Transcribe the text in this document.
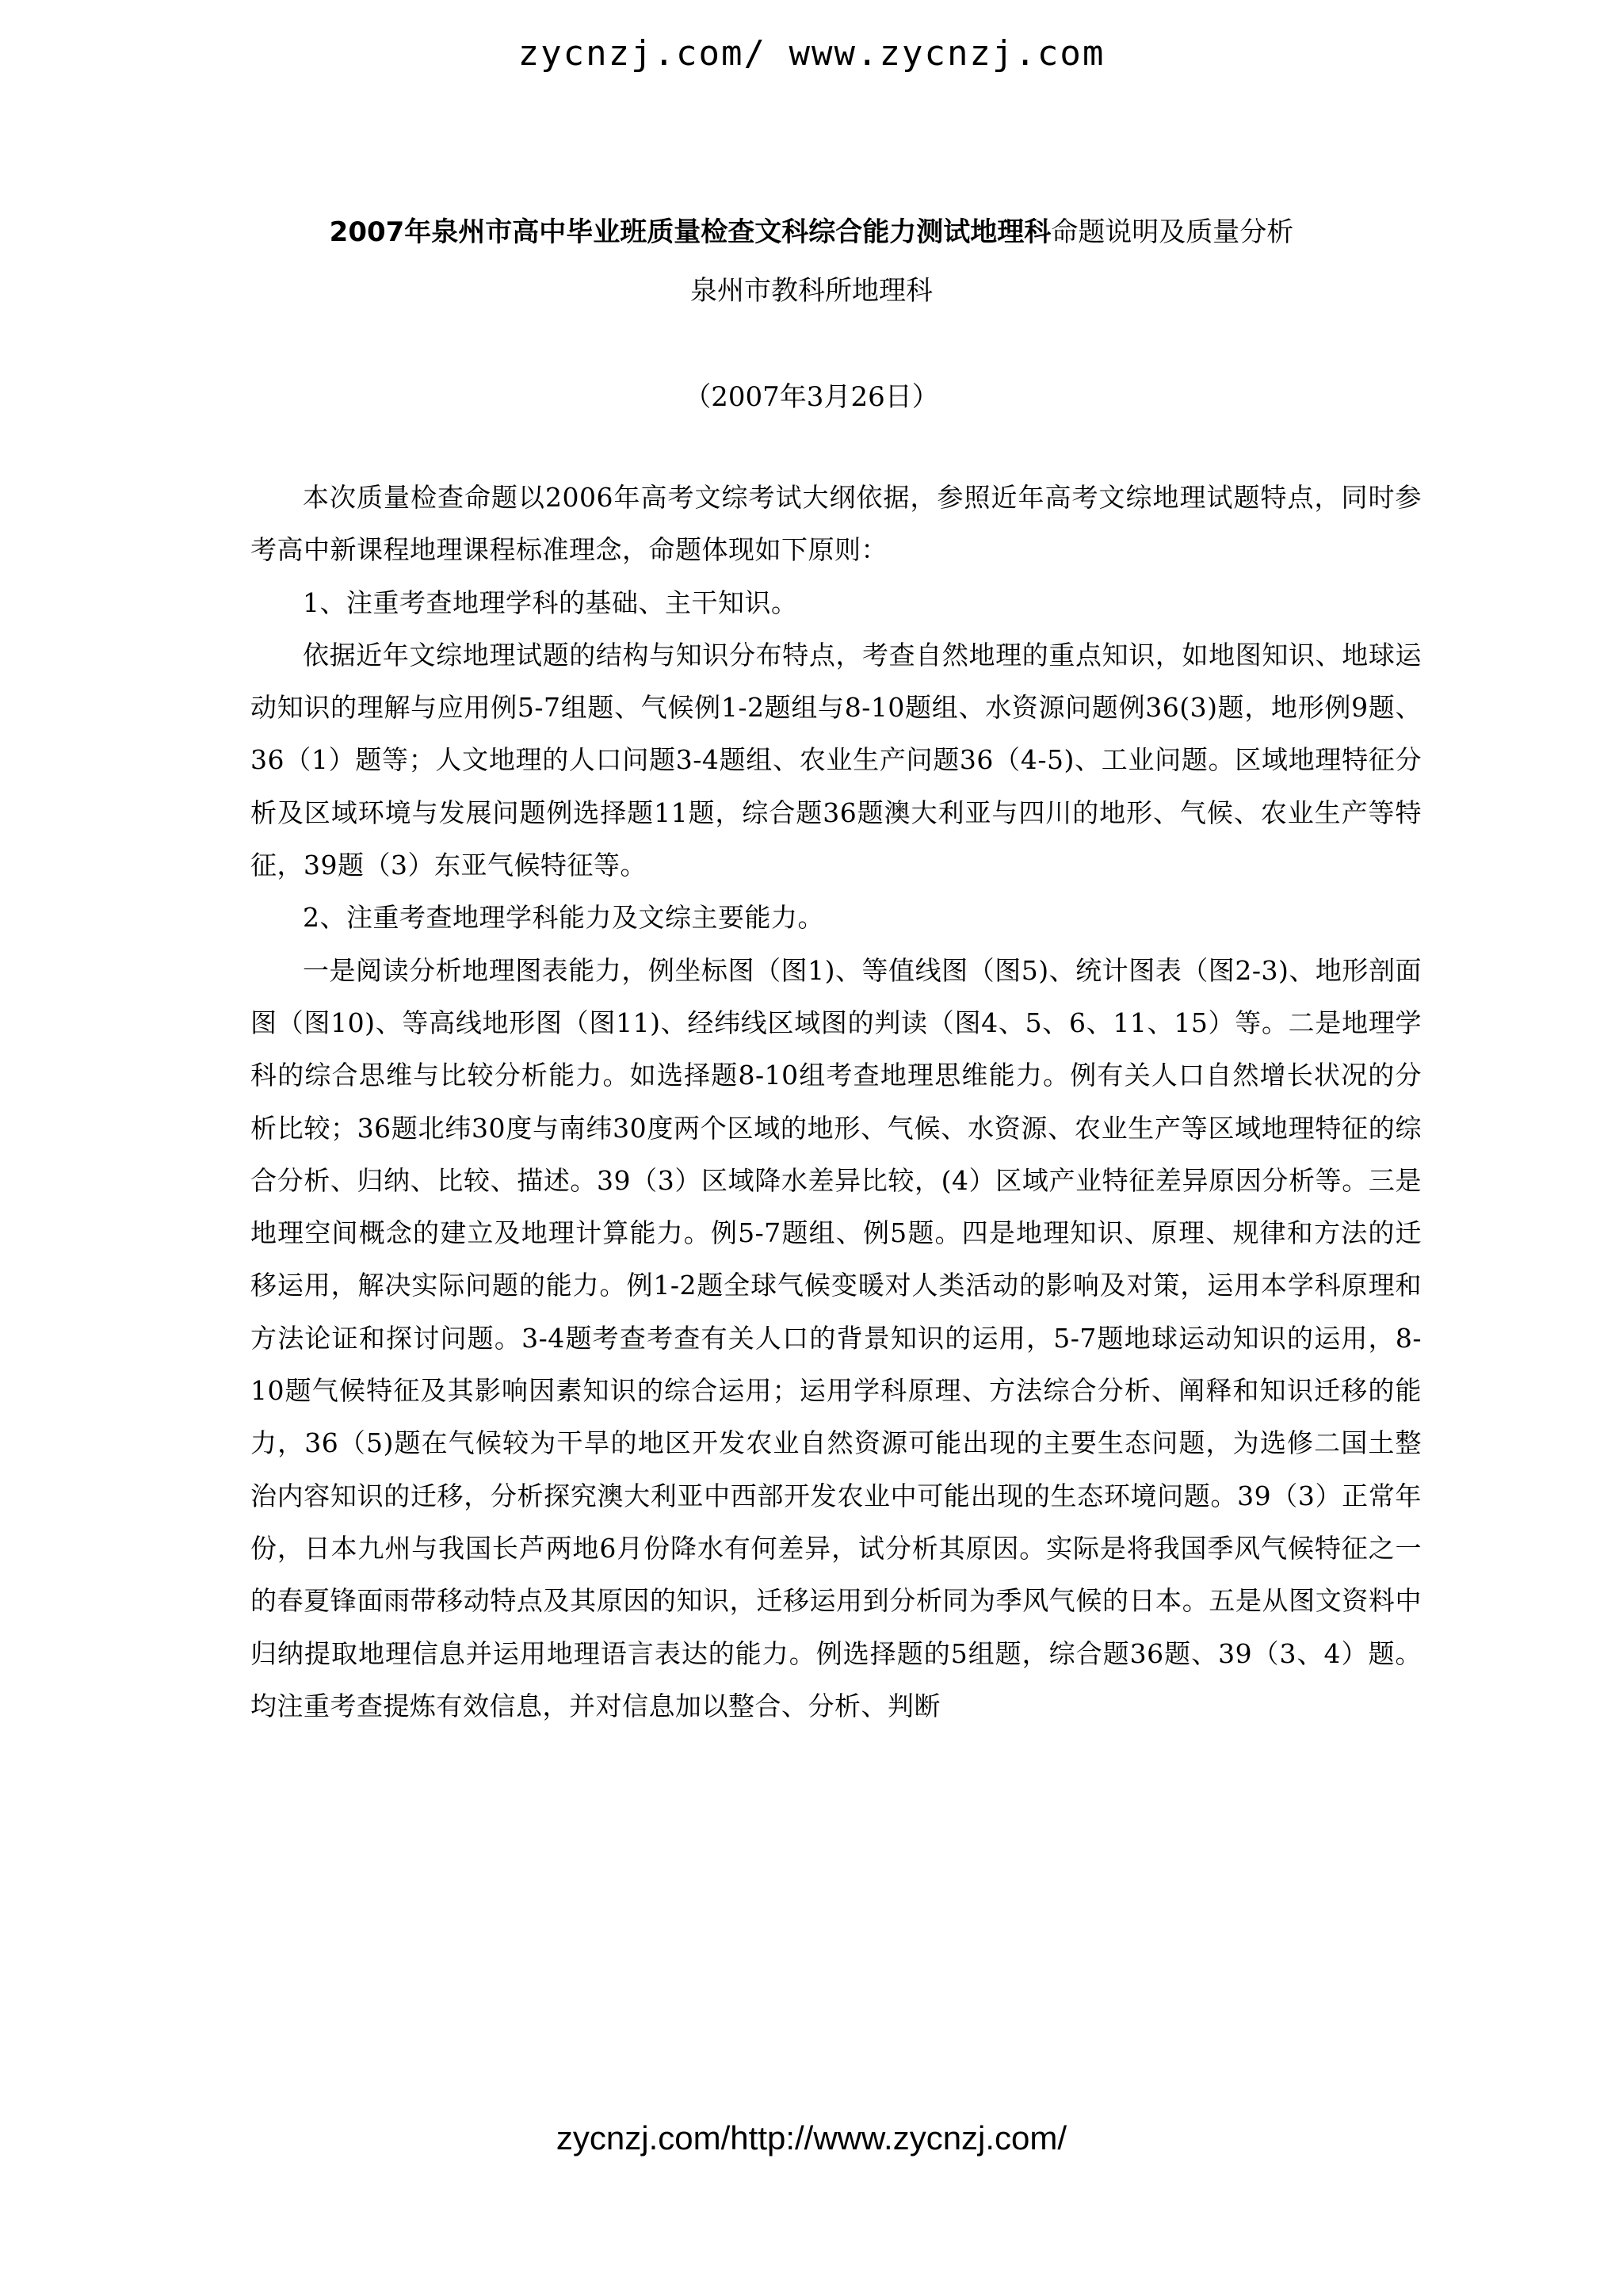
zycnzj.com/ www.zycnzj.com
2007年泉州市高中毕业班质量检查文科综合能力测试地理科命题说明及质量分析
泉州市教科所地理科
（2007年3月26日）

本次质量检查命题以2006年高考文综考试大纲依据，参照近年高考文综地理试题特点，同时参考高中新课程地理课程标准理念，命题体现如下原则：

1、注重考查地理学科的基础、主干知识。

依据近年文综地理试题的结构与知识分布特点，考查自然地理的重点知识，如地图知识、地球运动知识的理解与应用例5-7组题、气候例1-2题组与8-10题组、水资源问题例36(3)题，地形例9题、36（1）题等；人文地理的人口问题3-4题组、农业生产问题36（4-5)、工业问题。区域地理特征分析及区域环境与发展问题例选择题11题，综合题36题澳大利亚与四川的地形、气候、农业生产等特征，39题（3）东亚气候特征等。

2、注重考查地理学科能力及文综主要能力。

一是阅读分析地理图表能力，例坐标图（图1)、等值线图（图5)、统计图表（图2-3)、地形剖面图（图10)、等高线地形图（图11)、经纬线区域图的判读（图4、5、6、11、15）等。二是地理学科的综合思维与比较分析能力。如选择题8-10组考查地理思维能力。例有关人口自然增长状况的分析比较；36题北纬30度与南纬30度两个区域的地形、气候、水资源、农业生产等区域地理特征的综合分析、归纳、比较、描述。39（3）区域降水差异比较，(4）区域产业特征差异原因分析等。三是地理空间概念的建立及地理计算能力。例5-7题组、例5题。四是地理知识、原理、规律和方法的迁移运用，解决实际问题的能力。例1-2题全球气候变暖对人类活动的影响及对策，运用本学科原理和方法论证和探讨问题。3-4题考查考查有关人口的背景知识的运用，5-7题地球运动知识的运用，8-10题气候特征及其影响因素知识的综合运用；运用学科原理、方法综合分析、阐释和知识迁移的能力，36（5)题在气候较为干旱的地区开发农业自然资源可能出现的主要生态问题，为选修二国土整治内容知识的迁移，分析探究澳大利亚中西部开发农业中可能出现的生态环境问题。39（3）正常年份，日本九州与我国长芦两地6月份降水有何差异，试分析其原因。实际是将我国季风气候特征之一的春夏锋面雨带移动特点及其原因的知识，迁移运用到分析同为季风气候的日本。五是从图文资料中归纳提取地理信息并运用地理语言表达的能力。例选择题的5组题，综合题36题、39（3、4）题。均注重考查提炼有效信息，并对信息加以整合、分析、判断

zycnzj.com/http://www.zycnzj.com/
